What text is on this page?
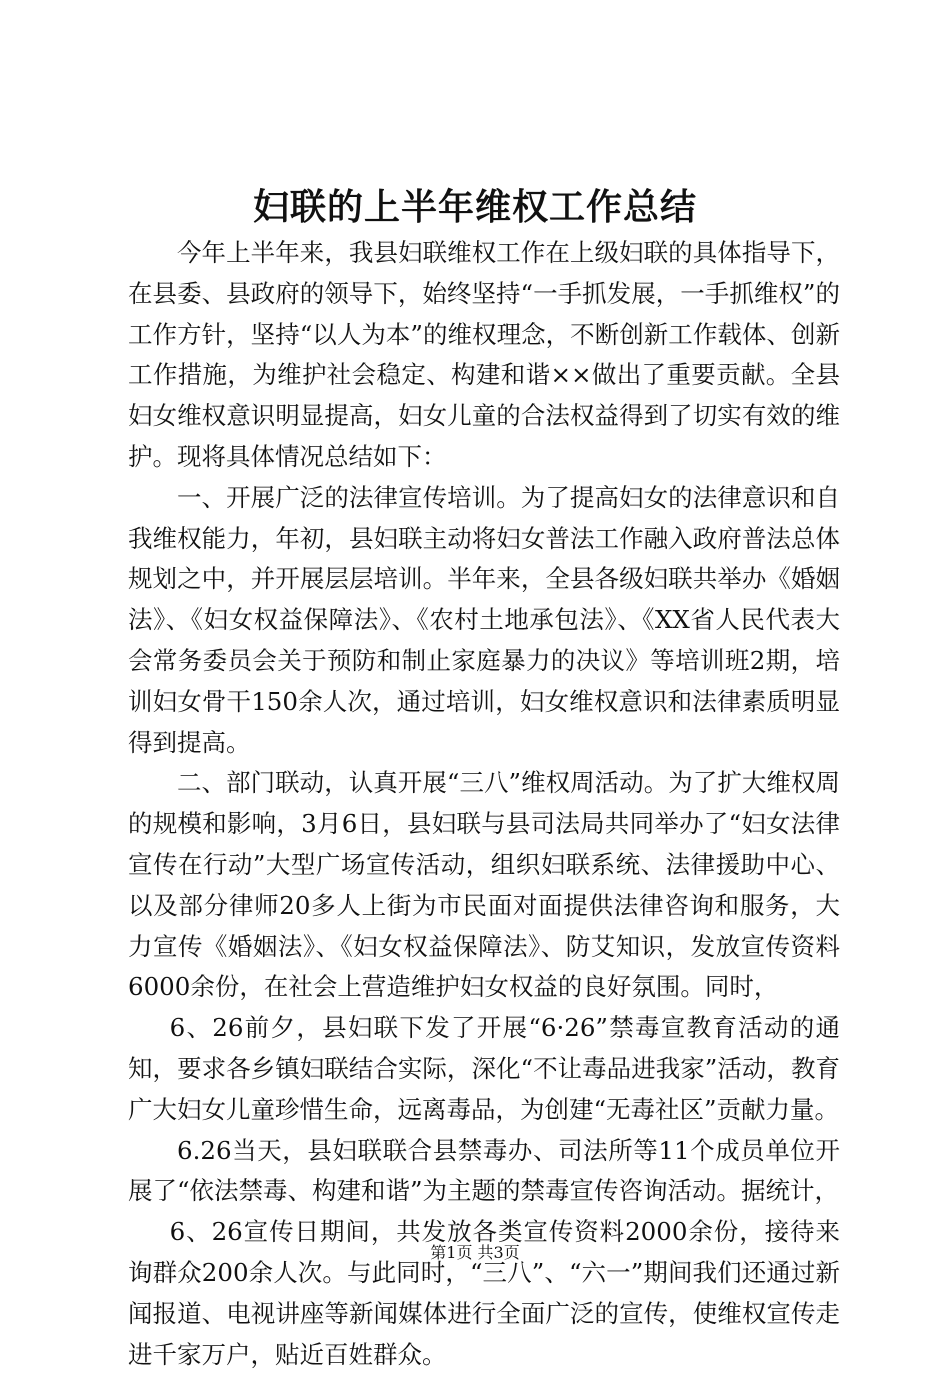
妇联的上半年维权工作总结

今年上半年来，我县妇联维权工作在上级妇联的具体指导下，在县委、县政府的领导下，始终坚持“一手抓发展，一手抓维权”的工作方针，坚持“以人为本”的维权理念，不断创新工作载体、创新工作措施，为维护社会稳定、构建和谐××做出了重要贡献。全县妇女维权意识明显提高，妇女儿童的合法权益得到了切实有效的维护。现将具体情况总结如下：

一、开展广泛的法律宣传培训。为了提高妇女的法律意识和自我维权能力，年初，县妇联主动将妇女普法工作融入政府普法总体规划之中，并开展层层培训。半年来，全县各级妇联共举办《婚姻法》、《妇女权益保障法》、《农村土地承包法》、《XX省人民代表大会常务委员会关于预防和制止家庭暴力的决议》等培训班2期，培训妇女骨干150余人次，通过培训，妇女维权意识和法律素质明显得到提高。

二、部门联动，认真开展“三八”维权周活动。为了扩大维权周的规模和影响，3月6日，县妇联与县司法局共同举办了“妇女法律宣传在行动”大型广场宣传活动，组织妇联系统、法律援助中心、以及部分律师20多人上街为市民面对面提供法律咨询和服务，大力宣传《婚姻法》、《妇女权益保障法》、防艾知识，发放宣传资料6000余份，在社会上营造维护妇女权益的良好氛围。同时，

6、26前夕，县妇联下发了开展“6·26”禁毒宣教育活动的通知，要求各乡镇妇联结合实际，深化“不让毒品进我家”活动，教育广大妇女儿童珍惜生命，远离毒品，为创建“无毒社区”贡献力量。

6.26当天，县妇联联合县禁毒办、司法所等11个成员单位开展了“依法禁毒、构建和谐”为主题的禁毒宣传咨询活动。据统计，

6、26宣传日期间，共发放各类宣传资料2000余份，接待来询群众200余人次。与此同时，“三八”、“六一”期间我们还通过新闻报道、电视讲座等新闻媒体进行全面广泛的宣传，使维权宣传走进千家万户，贴近百姓群众。

第1页 共3页
